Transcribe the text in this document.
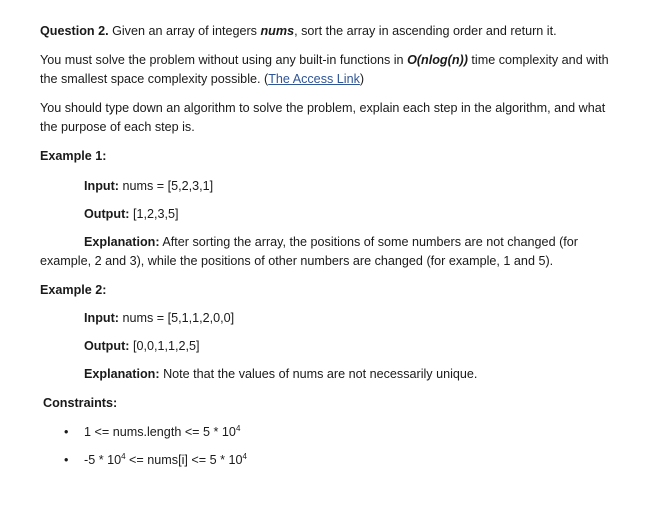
Question 2. Given an array of integers nums, sort the array in ascending order and return it.

You must solve the problem without using any built-in functions in O(nlog(n)) time complexity and with the smallest space complexity possible. (The Access Link)

You should type down an algorithm to solve the problem, explain each step in the algorithm, and what the purpose of each step is.

Example 1:

Input: nums = [5,2,3,1]

Output: [1,2,3,5]

Explanation: After sorting the array, the positions of some numbers are not changed (for example, 2 and 3), while the positions of other numbers are changed (for example, 1 and 5).

Example 2:

Input: nums = [5,1,1,2,0,0]

Output: [0,0,1,1,2,5]

Explanation: Note that the values of nums are not necessarily unique.

Constraints:

• 1 <= nums.length <= $5 * 10^4$
• $-5 * 10^4$ <= nums[i] <= $5 * 10^4$
